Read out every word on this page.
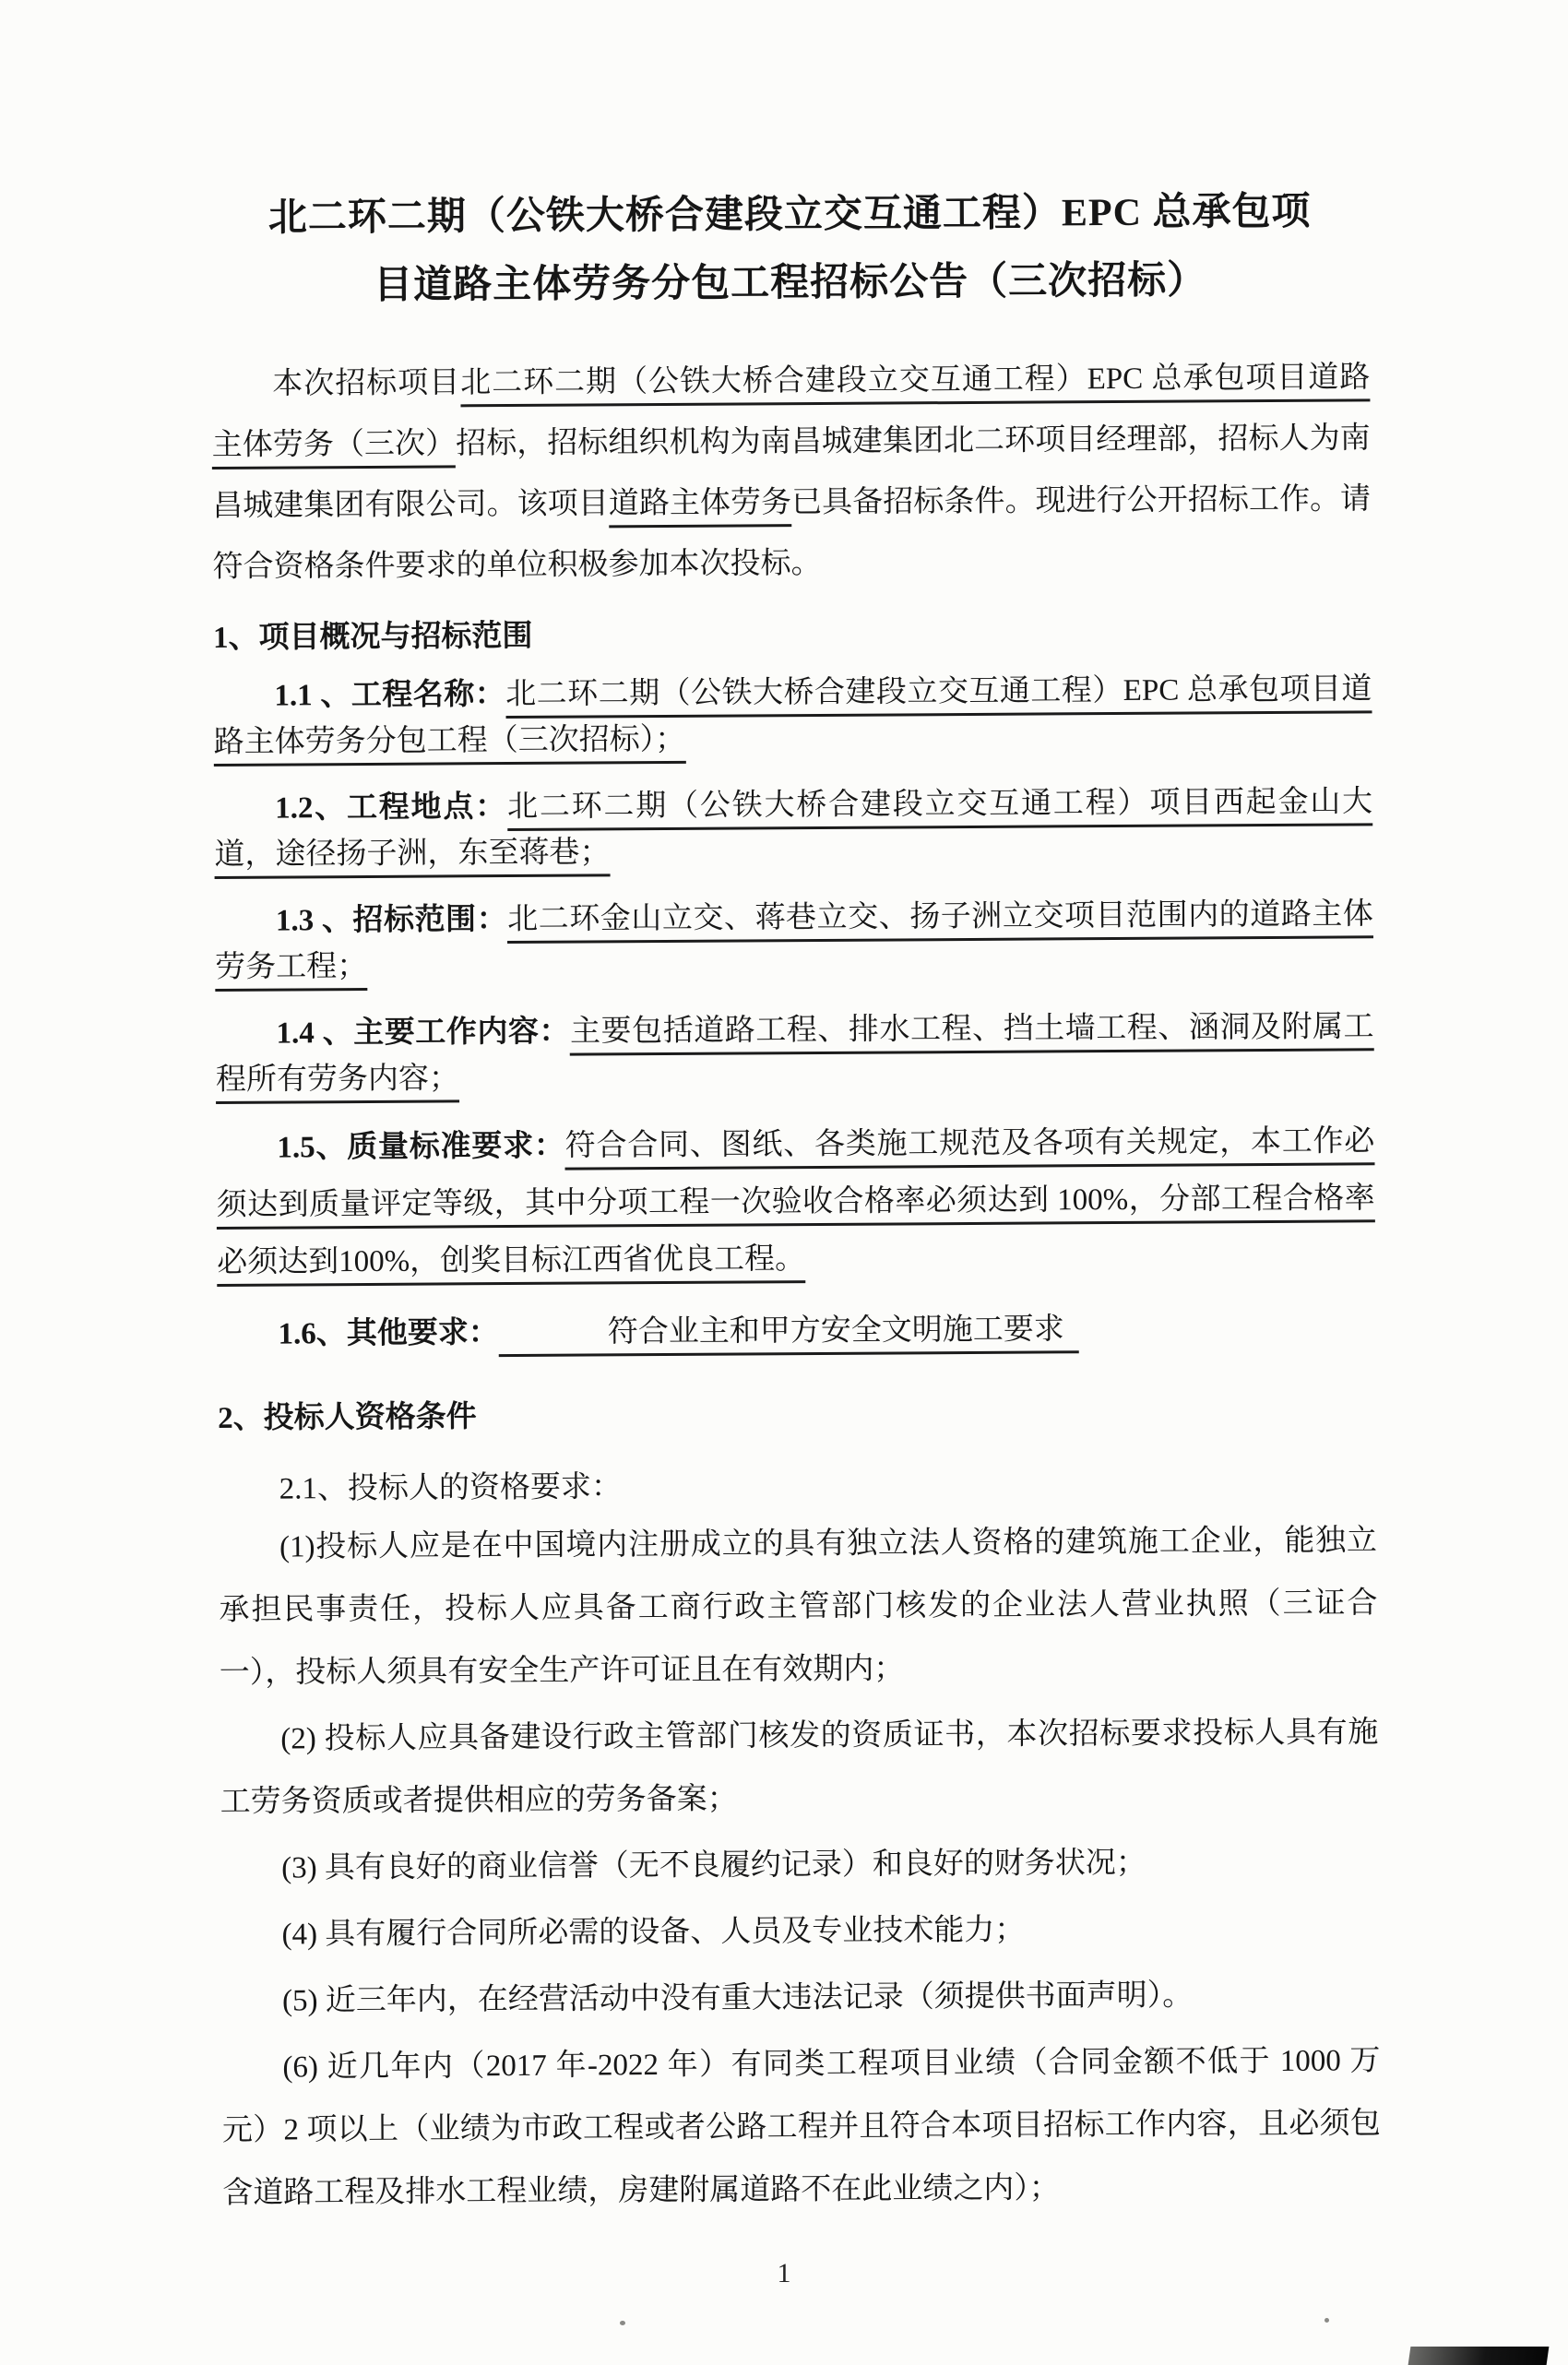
北二环二期（公铁大桥合建段立交互通工程）EPC 总承包项
目道路主体劳务分包工程招标公告（三次招标）

本次招标项目北二环二期（公铁大桥合建段立交互通工程）EPC 总承包项目道路主体劳务（三次）招标，招标组织机构为南昌城建集团北二环项目经理部，招标人为南昌城建集团有限公司。该项目道路主体劳务已具备招标条件。现进行公开招标工作。请符合资格条件要求的单位积极参加本次投标。

1、项目概况与招标范围

1.1 、工程名称：北二环二期（公铁大桥合建段立交互通工程）EPC 总承包项目道路主体劳务分包工程（三次招标）；

1.2、工程地点：北二环二期（公铁大桥合建段立交互通工程）项目西起金山大道，途径扬子洲，东至蒋巷；

1.3 、招标范围：北二环金山立交、蒋巷立交、扬子洲立交项目范围内的道路主体劳务工程；

1.4 、主要工作内容：主要包括道路工程、排水工程、挡土墙工程、涵洞及附属工程所有劳务内容；

1.5、质量标准要求：符合合同、图纸、各类施工规范及各项有关规定，本工作必须达到质量评定等级，其中分项工程一次验收合格率必须达到 100%，分部工程合格率必须达到100%，创奖目标江西省优良工程。

1.6、其他要求：	符合业主和甲方安全文明施工要求

2、投标人资格条件

2.1、投标人的资格要求：

(1)投标人应是在中国境内注册成立的具有独立法人资格的建筑施工企业，能独立承担民事责任，投标人应具备工商行政主管部门核发的企业法人营业执照（三证合一），投标人须具有安全生产许可证且在有效期内；

(2) 投标人应具备建设行政主管部门核发的资质证书，本次招标要求投标人具有施工劳务资质或者提供相应的劳务备案；

(3) 具有良好的商业信誉（无不良履约记录）和良好的财务状况；

(4) 具有履行合同所必需的设备、人员及专业技术能力；

(5) 近三年内，在经营活动中没有重大违法记录（须提供书面声明）。

(6) 近几年内（2017 年-2022 年）有同类工程项目业绩（合同金额不低于 1000 万元）2 项以上（业绩为市政工程或者公路工程并且符合本项目招标工作内容，且必须包含道路工程及排水工程业绩，房建附属道路不在此业绩之内）；

1
